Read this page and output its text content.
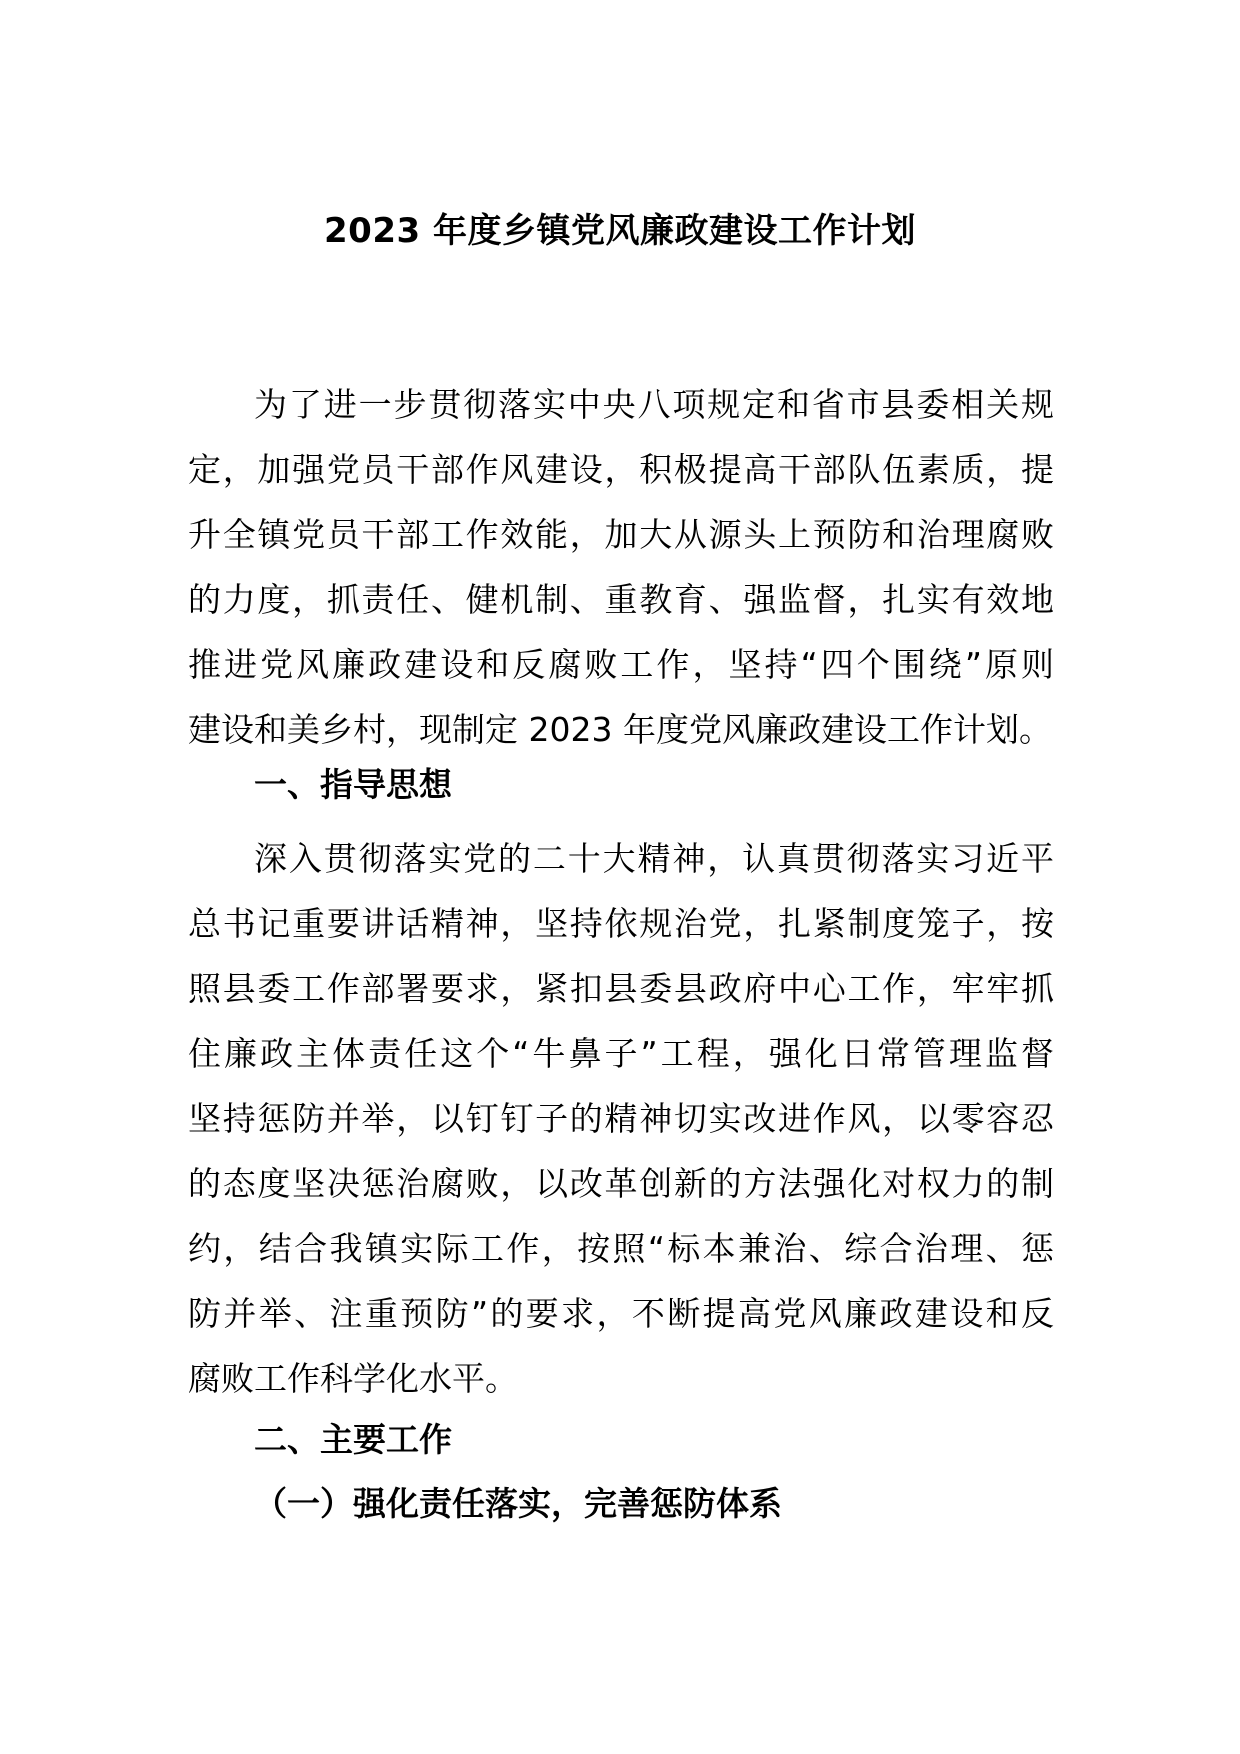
2023 年度乡镇党风廉政建设工作计划
为了进一步贯彻落实中央八项规定和省市县委相关规
定，加强党员干部作风建设，积极提高干部队伍素质，提
升全镇党员干部工作效能，加大从源头上预防和治理腐败
的力度，抓责任、健机制、重教育、强监督，扎实有效地
推进党风廉政建设和反腐败工作，坚持“四个围绕”原则
建设和美乡村，现制定 2023 年度党风廉政建设工作计划。
一、指导思想
深入贯彻落实党的二十大精神，认真贯彻落实习近平
总书记重要讲话精神，坚持依规治党，扎紧制度笼子，按
照县委工作部署要求，紧扣县委县政府中心工作，牢牢抓
住廉政主体责任这个“牛鼻子”工程，强化日常管理监督
坚持惩防并举，以钉钉子的精神切实改进作风，以零容忍
的态度坚决惩治腐败，以改革创新的方法强化对权力的制
约，结合我镇实际工作，按照“标本兼治、综合治理、惩
防并举、注重预防”的要求，不断提高党风廉政建设和反
腐败工作科学化水平。
二、主要工作
（一）强化责任落实，完善惩防体系
